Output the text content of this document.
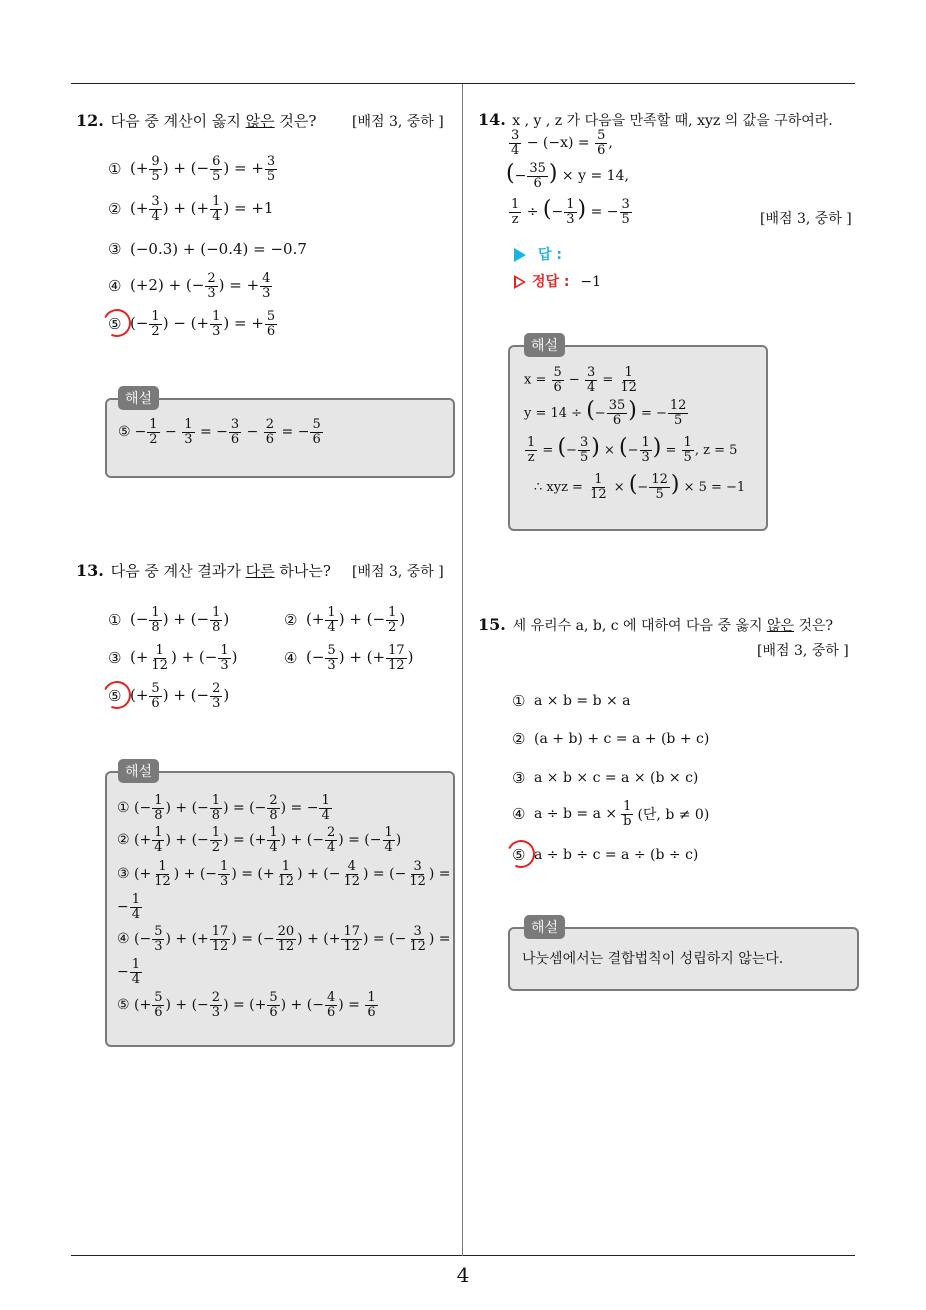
4
12. 다음 중 계산이 옳지 않은 것은?	[배점 3, 중하 ]
① (+ $\frac{9}{5}$ ) + (− $\frac{6}{5}$ ) = + $\frac{3}{5}$
② (+ $\frac{3}{4}$ ) + (+ $\frac{1}{4}$ ) = +1
③ (−0.3) + (−0.4) = −0.7
④ (+2) + (− $\frac{2}{3}$ ) = + $\frac{4}{3}$
⑤ (− $\frac{1}{2}$ ) − (+ $\frac{1}{3}$ ) = + $\frac{5}{6}$
해설
⑤ − $\frac{1}{2} - \frac{1}{3}$ = − $\frac{3}{6} - \frac{2}{6}$ = − $\frac{5}{6}$
13. 다음 중 계산 결과가 다른 하나는? [배점 3, 중하 ]
① (− $\frac{1}{8}$ ) + (− $\frac{1}{8}$ )	② (+ $\frac{1}{4}$ ) + (− $\frac{1}{2}$ )
③ (+ $\frac{1}{12}$ ) + (− $\frac{1}{3}$ )	④ (− $\frac{5}{3}$ ) + (+ $\frac{17}{12}$ )
⑤ (+ $\frac{5}{6}$ ) + (− $\frac{2}{3}$ )
해설
① (− $\frac{1}{8}$ ) + (− $\frac{1}{8}$ ) = (− $\frac{2}{8}$ ) = − $\frac{1}{4}$
② (+ $\frac{1}{4}$ ) + (− $\frac{1}{2}$ ) = (+ $\frac{1}{4}$ ) + (− $\frac{2}{4}$ ) = (− $\frac{1}{4}$ )
③ (+ $\frac{1}{12}$ ) + (− $\frac{1}{3}$ ) = (+ $\frac{1}{12}$ ) + (− $\frac{4}{12}$ ) = (− $\frac{3}{12}$ ) =
− $\frac{1}{4}$
④ (− $\frac{5}{3}$ ) + (+ $\frac{17}{12}$ ) = (− $\frac{20}{12}$ ) + (+ $\frac{17}{12}$ ) = (− $\frac{3}{12}$ ) =
− $\frac{1}{4}$
⑤ (+ $\frac{5}{6}$ ) + (− $\frac{2}{3}$ ) = (+ $\frac{5}{6}$ ) + (− $\frac{4}{6}$ ) = $\frac{1}{6}$
14. x , y , z 가 다음을 만족할 때, xyz 의 값을 구하여라.
$\frac{3}{4} - (-x) = \frac{5}{6}$ ,
(− $\frac{35}{6}$ ) × y = 14,
$\frac{1}{z}$ ÷ (− $\frac{1}{3}$ ) = − $\frac{3}{5}$	[배점 3, 중하 ]
답 :
정답 : −1
해설
$x = \frac{5}{6} - \frac{3}{4} = \frac{1}{12}$
y = 14 ÷ (− $\frac{35}{6}$ ) = − $\frac{12}{5}$
$\frac{1}{z}$ = (− $\frac{3}{5}$ ) × (− $\frac{1}{3}$ ) = $\frac{1}{5}$ , z = 5
∴ xyz = $\frac{1}{12}$ × (− $\frac{12}{5}$ ) × 5 = −1
15. 세 유리수 a, b, c 에 대하여 다음 중 옳지 않은 것은?
[배점 3, 중하 ]
① a × b = b × a
② (a + b) + c = a + (b + c)
③ a × b × c = a × (b × c)
④ $a \div b = a \times \frac{1}{b}$ (단, b ≠ 0)
⑤ a ÷ b ÷ c = a ÷ (b ÷ c)
해설
나눗셈에서는 결합법칙이 성립하지 않는다.
